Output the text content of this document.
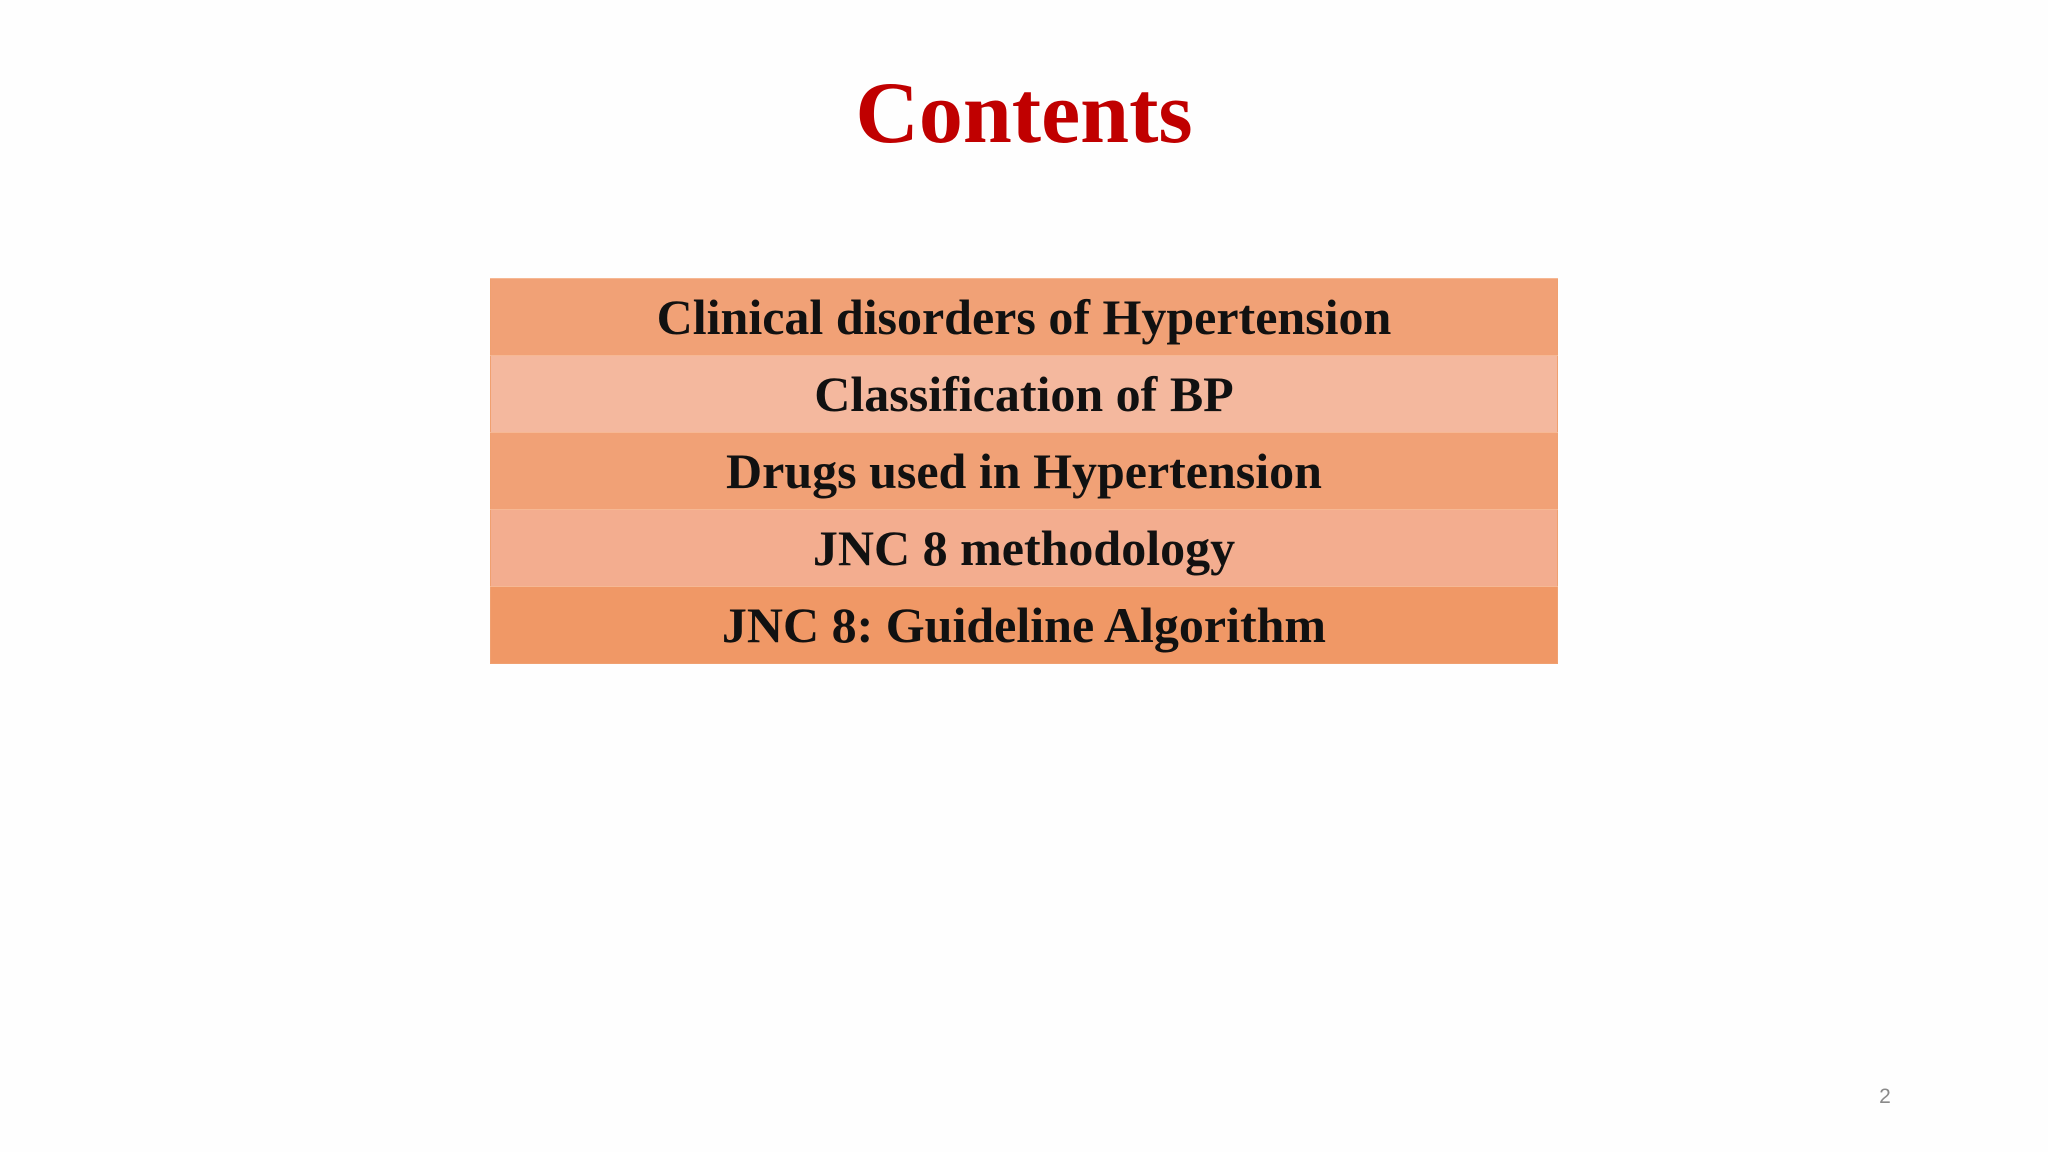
Contents
Clinical disorders of Hypertension
Classification of BP
Drugs used in Hypertension
JNC 8 methodology
JNC 8: Guideline Algorithm
2
